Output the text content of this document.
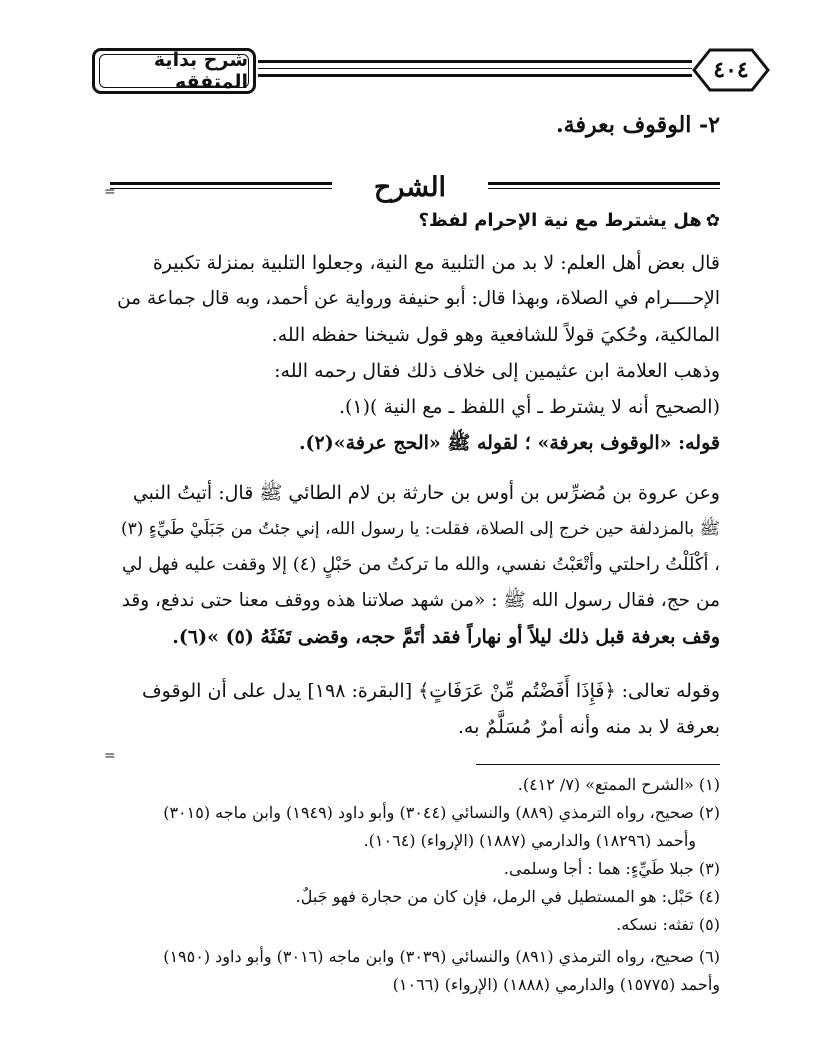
شرح بداية المتفقه	٤٠٤
٢- الوقوف بعرفة.
الشرح
=
✿هل يشترط مع نية الإحرام لفظ؟
قال بعض أهل العلم: لا بد من التلبية مع النية، وجعلوا التلبية بمنزلة تكبيرة
الإحــــرام في الصلاة، وبهذا قال: أبو حنيفة ورواية عن أحمد، وبه قال جماعة من
المالكية، وحُكيَ قولاً للشافعية وهو قول شيخنا حفظه الله.
وذهب العلامة ابن عثيمين إلى خلاف ذلك فقال رحمه الله:
(الصحيح أنه لا يشترط ـ أي اللفظ ـ مع النية )(١).
قوله: «الوقوف بعرفة» ؛ لقوله ﷺ «الحج عرفة»(٢).
وعن عروة بن مُضرِّس بن أوس بن حارثة بن لام الطائي ﷺ قال: أتيتُ النبي
ﷺ بالمزدلفة حين خرج إلى الصلاة، فقلت: يا رسول الله، إني جئتُ من جَبَلَيْ طَيِّءٍ (٣)
، أكْلَلْتُ راحلتي وأتْعَبْتُ نفسي، والله ما تركتُ من حَبْلٍ (٤) إلا وقفت عليه فهل لي
من حج، فقال رسول الله ﷺ : «من شهد صلاتنا هذه ووقف معنا حتى ندفع، وقد
وقف بعرفة قبل ذلك ليلاً أو نهاراً فقد أتَمَّ حجه، وقضى تَفَثَهُ (٥) »(٦).
وقوله تعالى: ﴿فَإِذَا أَفَضْتُم مِّنْ عَرَفَاتٍ﴾ [البقرة: ١٩٨] يدل على أن الوقوف
بعرفة لا بد منه وأنه أمرٌ مُسَلَّمٌ به.
=
(١) «الشرح الممتع» (٧/ ٤١٢).
(٢) صحيح، رواه الترمذي (٨٨٩) والنسائي (٣٠٤٤) وأبو داود (١٩٤٩) وابن ماجه (٣٠١٥)
وأحمد (١٨٢٩٦) والدارمي (١٨٨٧) (الإرواء) (١٠٦٤).
(٣) جبلا طَيِّءٍ: هما : أجا وسلمى.
(٤) حَبْل: هو المستطيل في الرمل، فإن كان من حجارة فهو جَبلٌ.
(٥) تفثه: نسكه.
(٦) صحيح، رواه الترمذي (٨٩١) والنسائي (٣٠٣٩) وابن ماجه (٣٠١٦) وأبو داود (١٩٥٠)
وأحمد (١٥٧٧٥) والدارمي (١٨٨٨) (الإرواء) (١٠٦٦)
